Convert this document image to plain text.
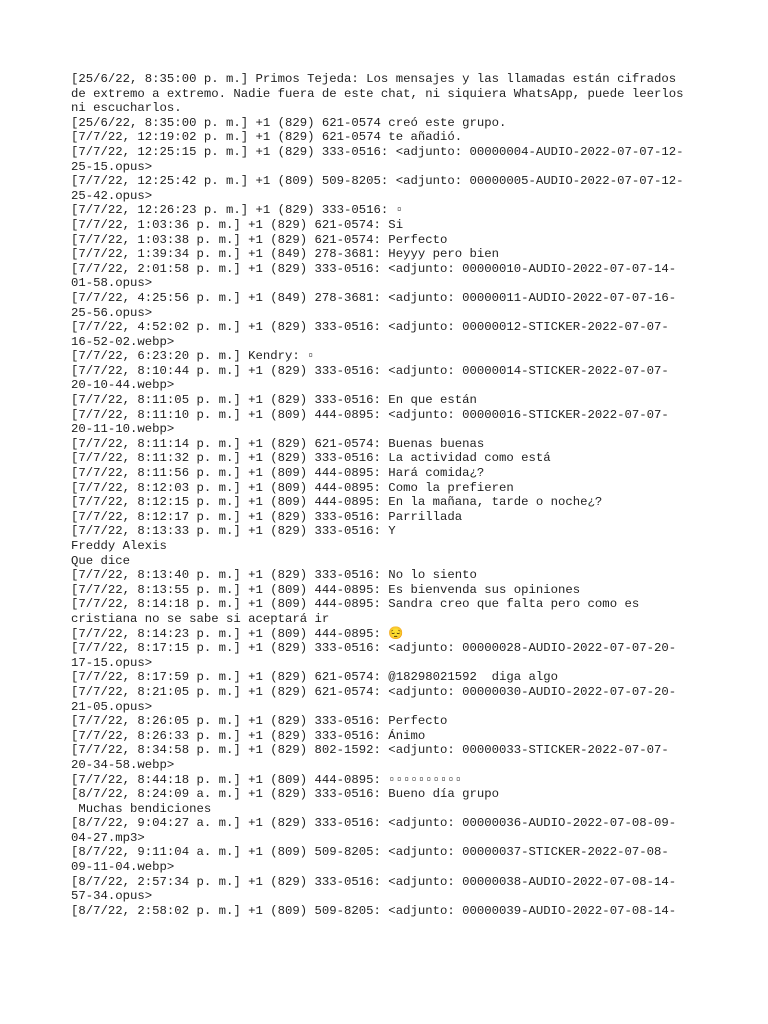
[25/6/22, 8:35:00 p. m.] Primos Tejeda: Los mensajes y las llamadas están cifrados
de extremo a extremo. Nadie fuera de este chat, ni siquiera WhatsApp, puede leerlos
ni escucharlos.
[25/6/22, 8:35:00 p. m.] +1 (829) 621-0574 creó este grupo.
[7/7/22, 12:19:02 p. m.] +1 (829) 621-0574 te añadió.
[7/7/22, 12:25:15 p. m.] +1 (829) 333-0516: <adjunto: 00000004-AUDIO-2022-07-07-12-
25-15.opus>
[7/7/22, 12:25:42 p. m.] +1 (809) 509-8205: <adjunto: 00000005-AUDIO-2022-07-07-12-
25-42.opus>
[7/7/22, 12:26:23 p. m.] +1 (829) 333-0516: ▫
[7/7/22, 1:03:36 p. m.] +1 (829) 621-0574: Si
[7/7/22, 1:03:38 p. m.] +1 (829) 621-0574: Perfecto
[7/7/22, 1:39:34 p. m.] +1 (849) 278-3681: Heyyy pero bien
[7/7/22, 2:01:58 p. m.] +1 (829) 333-0516: <adjunto: 00000010-AUDIO-2022-07-07-14-
01-58.opus>
[7/7/22, 4:25:56 p. m.] +1 (849) 278-3681: <adjunto: 00000011-AUDIO-2022-07-07-16-
25-56.opus>
[7/7/22, 4:52:02 p. m.] +1 (829) 333-0516: <adjunto: 00000012-STICKER-2022-07-07-
16-52-02.webp>
[7/7/22, 6:23:20 p. m.] Kendry: ▫
[7/7/22, 8:10:44 p. m.] +1 (829) 333-0516: <adjunto: 00000014-STICKER-2022-07-07-
20-10-44.webp>
[7/7/22, 8:11:05 p. m.] +1 (829) 333-0516: En que están
[7/7/22, 8:11:10 p. m.] +1 (809) 444-0895: <adjunto: 00000016-STICKER-2022-07-07-
20-11-10.webp>
[7/7/22, 8:11:14 p. m.] +1 (829) 621-0574: Buenas buenas
[7/7/22, 8:11:32 p. m.] +1 (829) 333-0516: La actividad como está
[7/7/22, 8:11:56 p. m.] +1 (809) 444-0895: Hará comida¿?
[7/7/22, 8:12:03 p. m.] +1 (809) 444-0895: Como la prefieren
[7/7/22, 8:12:15 p. m.] +1 (809) 444-0895: En la mañana, tarde o noche¿?
[7/7/22, 8:12:17 p. m.] +1 (829) 333-0516: Parrillada
[7/7/22, 8:13:33 p. m.] +1 (829) 333-0516: Y
Freddy Alexis
Que dice
[7/7/22, 8:13:40 p. m.] +1 (829) 333-0516: No lo siento
[7/7/22, 8:13:55 p. m.] +1 (809) 444-0895: Es bienvenda sus opiniones
[7/7/22, 8:14:18 p. m.] +1 (809) 444-0895: Sandra creo que falta pero como es
cristiana no se sabe si aceptará ir
[7/7/22, 8:14:23 p. m.] +1 (809) 444-0895: 😔
[7/7/22, 8:17:15 p. m.] +1 (829) 333-0516: <adjunto: 00000028-AUDIO-2022-07-07-20-
17-15.opus>
[7/7/22, 8:17:59 p. m.] +1 (829) 621-0574: @18298021592  diga algo
[7/7/22, 8:21:05 p. m.] +1 (829) 621-0574: <adjunto: 00000030-AUDIO-2022-07-07-20-
21-05.opus>
[7/7/22, 8:26:05 p. m.] +1 (829) 333-0516: Perfecto
[7/7/22, 8:26:33 p. m.] +1 (829) 333-0516: Ánimo
[7/7/22, 8:34:58 p. m.] +1 (829) 802-1592: <adjunto: 00000033-STICKER-2022-07-07-
20-34-58.webp>
[7/7/22, 8:44:18 p. m.] +1 (809) 444-0895: ▫▫▫▫▫▫▫▫▫▫
[8/7/22, 8:24:09 a. m.] +1 (829) 333-0516: Bueno día grupo
Muchas bendiciones
[8/7/22, 9:04:27 a. m.] +1 (829) 333-0516: <adjunto: 00000036-AUDIO-2022-07-08-09-
04-27.mp3>
[8/7/22, 9:11:04 a. m.] +1 (809) 509-8205: <adjunto: 00000037-STICKER-2022-07-08-
09-11-04.webp>
[8/7/22, 2:57:34 p. m.] +1 (829) 333-0516: <adjunto: 00000038-AUDIO-2022-07-08-14-
57-34.opus>
[8/7/22, 2:58:02 p. m.] +1 (809) 509-8205: <adjunto: 00000039-AUDIO-2022-07-08-14-
